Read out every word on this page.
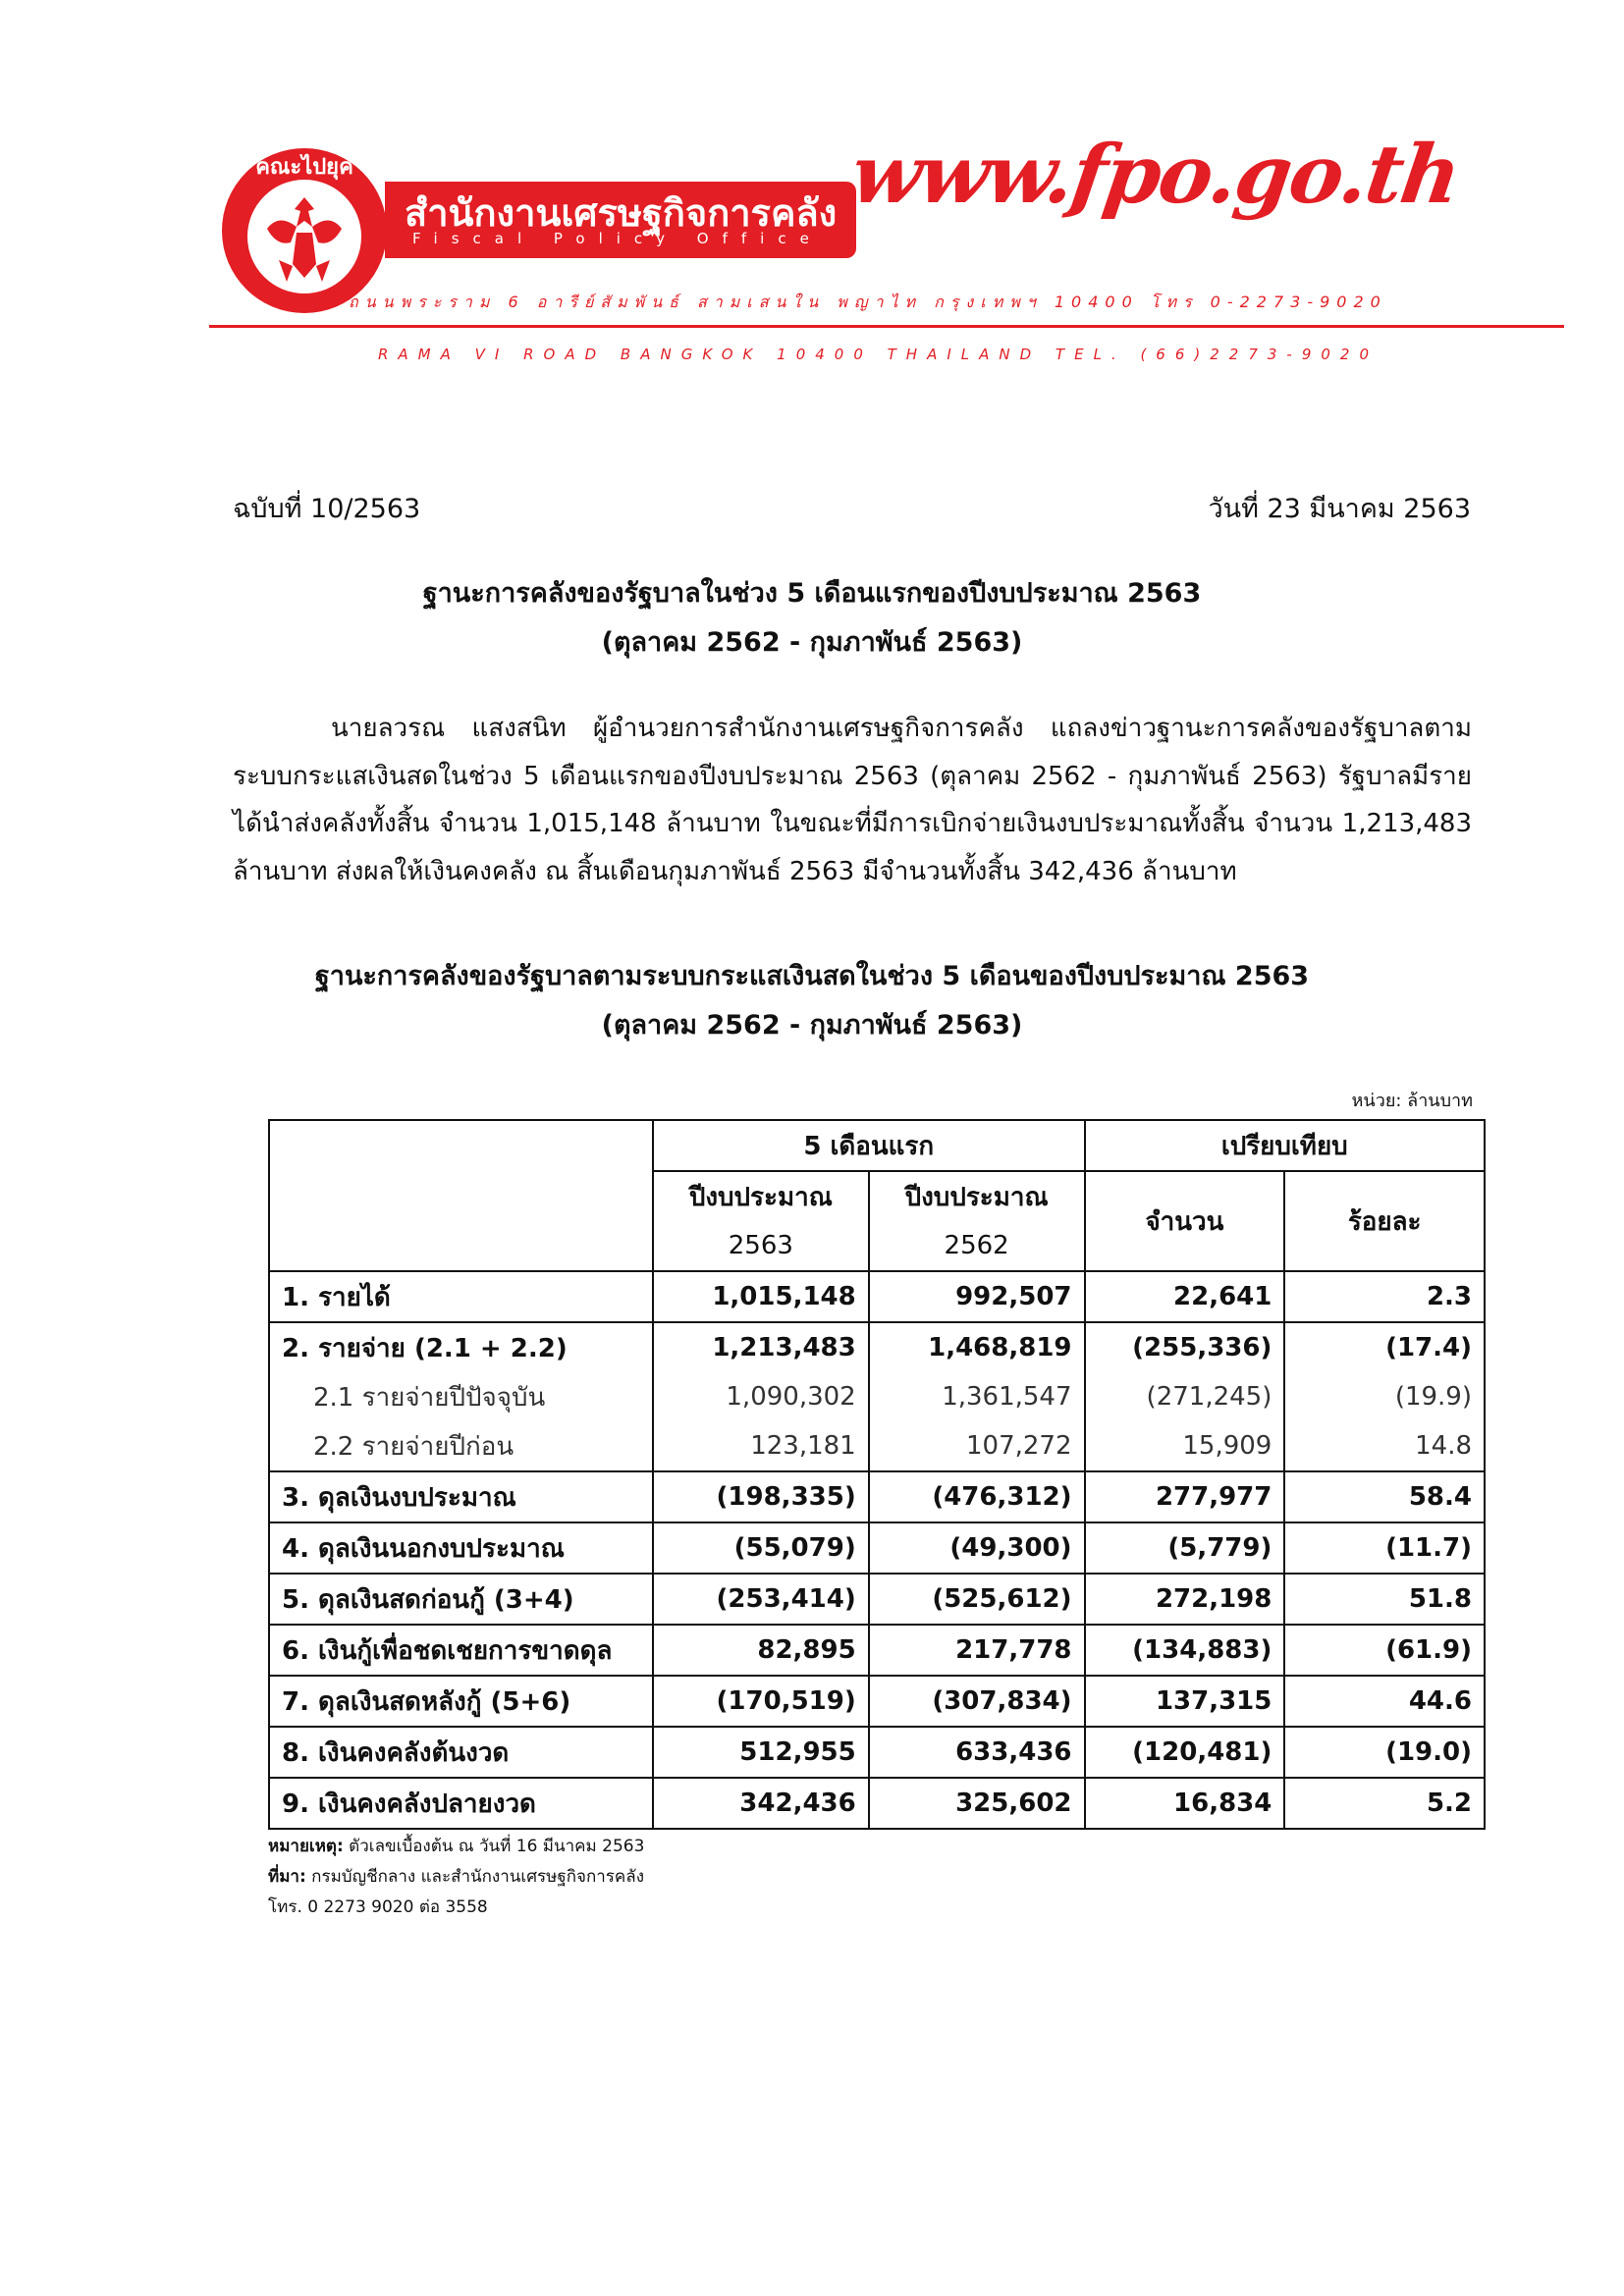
คณะไปยุค
สำนักงานเศรษฐกิจการคลัง
Fiscal Policy Office
www.fpo.go.th
ถนนพระราม 6 อารีย์สัมพันธ์ สามเสนใน พญาไท กรุงเทพฯ 10400 โทร 0-2273-9020
RAMA VI ROAD BANGKOK 10400 THAILAND TEL. (66)2273-9020
ฉบับที่ 10/2563	วันที่ 23 มีนาคม 2563
ฐานะการคลังของรัฐบาลในช่วง 5 เดือนแรกของปีงบประมาณ 2563
(ตุลาคม 2562 - กุมภาพันธ์ 2563)
นายลวรณ แสงสนิท ผู้อำนวยการสำนักงานเศรษฐกิจการคลัง แถลงข่าวฐานะการคลังของรัฐบาลตามระบบกระแสเงินสดในช่วง 5 เดือนแรกของปีงบประมาณ 2563 (ตุลาคม 2562 - กุมภาพันธ์ 2563) รัฐบาลมีรายได้นำส่งคลังทั้งสิ้น จำนวน 1,015,148 ล้านบาท ในขณะที่มีการเบิกจ่ายเงินงบประมาณทั้งสิ้น จำนวน 1,213,483 ล้านบาท ส่งผลให้เงินคงคลัง ณ สิ้นเดือนกุมภาพันธ์ 2563 มีจำนวนทั้งสิ้น 342,436 ล้านบาท
ฐานะการคลังของรัฐบาลตามระบบกระแสเงินสดในช่วง 5 เดือนของปีงบประมาณ 2563
(ตุลาคม 2562 - กุมภาพันธ์ 2563)
หน่วย: ล้านบาท
	5 เดือนแรก		เปรียบเทียบ	
	ปีงบประมาณ	ปีงบประมาณ	จำนวน	ร้อยละ
	2563	2562		
1. รายได้	1,015,148	992,507	22,641	2.3
2. รายจ่าย (2.1 + 2.2)	1,213,483	1,468,819	(255,336)	(17.4)
2.1 รายจ่ายปีปัจจุบัน	1,090,302	1,361,547	(271,245)	(19.9)
2.2 รายจ่ายปีก่อน	123,181	107,272	15,909	14.8
3. ดุลเงินงบประมาณ	(198,335)	(476,312)	277,977	58.4
4. ดุลเงินนอกงบประมาณ	(55,079)	(49,300)	(5,779)	(11.7)
5. ดุลเงินสดก่อนกู้ (3+4)	(253,414)	(525,612)	272,198	51.8
6. เงินกู้เพื่อชดเชยการขาดดุล	82,895	217,778	(134,883)	(61.9)
7. ดุลเงินสดหลังกู้ (5+6)	(170,519)	(307,834)	137,315	44.6
8. เงินคงคลังต้นงวด	512,955	633,436	(120,481)	(19.0)
9. เงินคงคลังปลายงวด	342,436	325,602	16,834	5.2
หมายเหตุ: ตัวเลขเบื้องต้น ณ วันที่ 16 มีนาคม 2563
ที่มา: กรมบัญชีกลาง และสำนักงานเศรษฐกิจการคลัง
โทร. 0 2273 9020 ต่อ 3558
